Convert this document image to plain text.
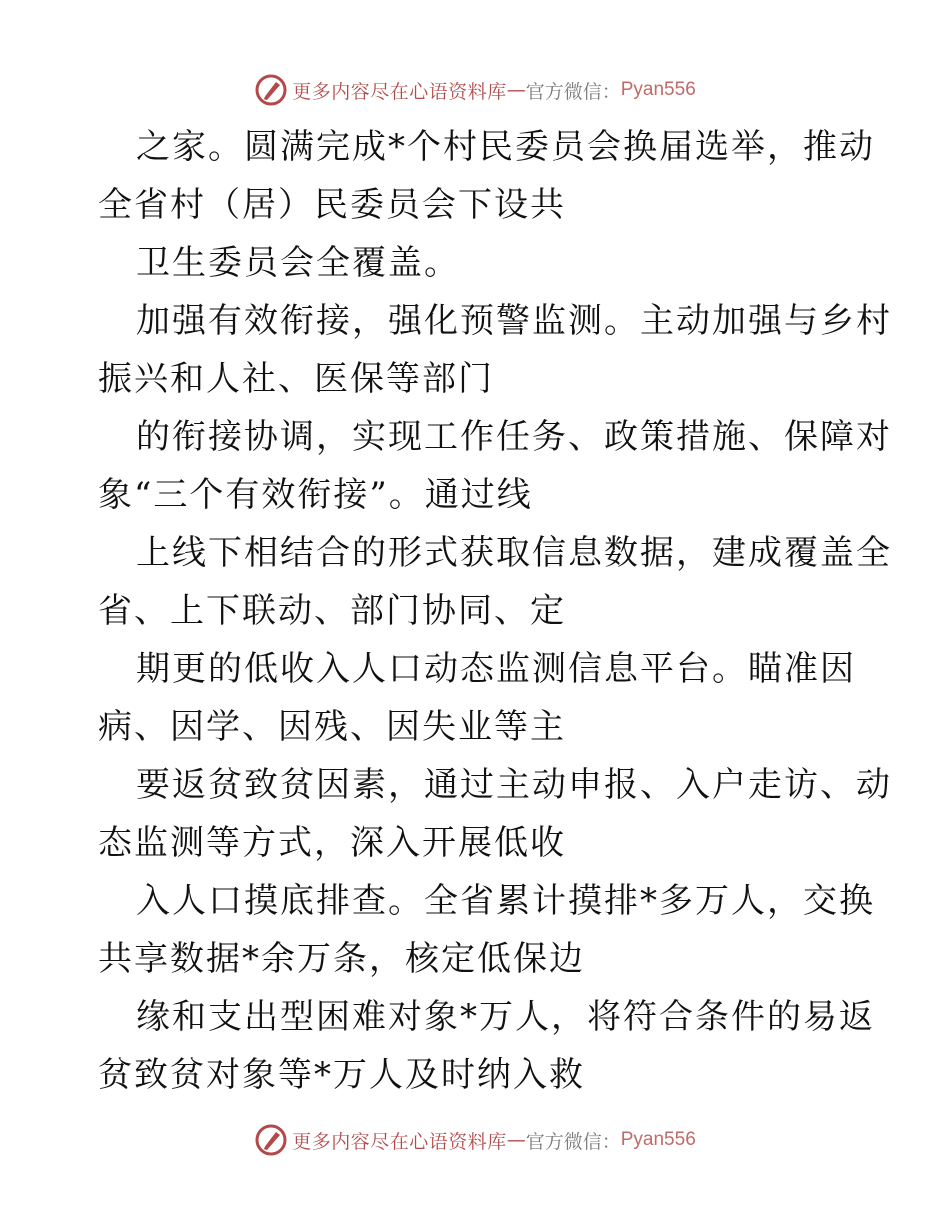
更多内容尽在心语资料库 — 官方微信： Pyan556
之家。圆满完成*个村民委员会换届选举，推动
全省村（居）民委员会下设共
卫生委员会全覆盖。
加强有效衔接，强化预警监测。主动加强与乡村
振兴和人社、医保等部门
的衔接协调，实现工作任务、政策措施、保障对
象“三个有效衔接”。通过线
上线下相结合的形式获取信息数据，建成覆盖全
省、上下联动、部门协同、定
期更的低收入人口动态监测信息平台。瞄准因
病、因学、因残、因失业等主
要返贫致贫因素，通过主动申报、入户走访、动
态监测等方式，深入开展低收
入人口摸底排查。全省累计摸排*多万人，交换
共享数据*余万条，核定低保边
缘和支出型困难对象*万人，将符合条件的易返
贫致贫对象等*万人及时纳入救
更多内容尽在心语资料库 — 官方微信： Pyan556
